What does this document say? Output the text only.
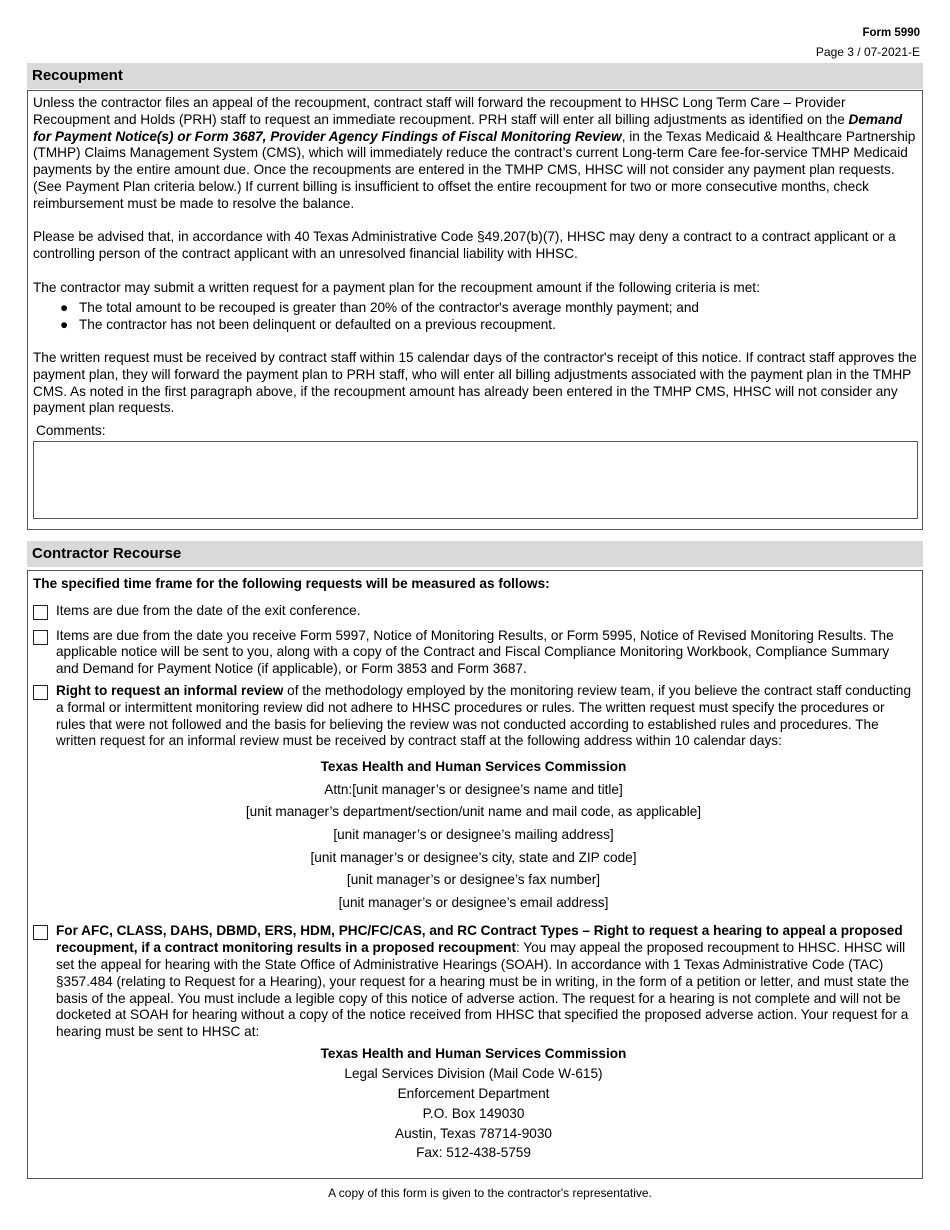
Form 5990
Page 3 / 07-2021-E
Recoupment

Unless the contractor files an appeal of the recoupment, contract staff will forward the recoupment to HHSC Long Term Care – Provider Recoupment and Holds (PRH) staff to request an immediate recoupment. PRH staff will enter all billing adjustments as identified on the Demand for Payment Notice(s) or Form 3687, Provider Agency Findings of Fiscal Monitoring Review, in the Texas Medicaid & Healthcare Partnership (TMHP) Claims Management System (CMS), which will immediately reduce the contract’s current Long-term Care fee-for-service TMHP Medicaid payments by the entire amount due. Once the recoupments are entered in the TMHP CMS, HHSC will not consider any payment plan requests. (See Payment Plan criteria below.) If current billing is insufficient to offset the entire recoupment for two or more consecutive months, check reimbursement must be made to resolve the balance.

Please be advised that, in accordance with 40 Texas Administrative Code §49.207(b)(7), HHSC may deny a contract to a contract applicant or a controlling person of the contract applicant with an unresolved financial liability with HHSC.

The contractor may submit a written request for a payment plan for the recoupment amount if the following criteria is met:

● The total amount to be recouped is greater than 20% of the contractor's average monthly payment; and
● The contractor has not been delinquent or defaulted on a previous recoupment.

The written request must be received by contract staff within 15 calendar days of the contractor's receipt of this notice. If contract staff approves the payment plan, they will forward the payment plan to PRH staff, who will enter all billing adjustments associated with the payment plan in the TMHP CMS. As noted in the first paragraph above, if the recoupment amount has already been entered in the TMHP CMS, HHSC will not consider any payment plan requests.

Comments:
Contractor Recourse

The specified time frame for the following requests will be measured as follows:

Items are due from the date of the exit conference.

Items are due from the date you receive Form 5997, Notice of Monitoring Results, or Form 5995, Notice of Revised Monitoring Results. The applicable notice will be sent to you, along with a copy of the Contract and Fiscal Compliance Monitoring Workbook, Compliance Summary and Demand for Payment Notice (if applicable), or Form 3853 and Form 3687.

Right to request an informal review of the methodology employed by the monitoring review team, if you believe the contract staff conducting a formal or intermittent monitoring review did not adhere to HHSC procedures or rules. The written request must specify the procedures or rules that were not followed and the basis for believing the review was not conducted according to established rules and procedures. The written request for an informal review must be received by contract staff at the following address within 10 calendar days:

Texas Health and Human Services Commission
Attn:[unit manager’s or designee’s name and title]
[unit manager’s department/section/unit name and mail code, as applicable]
[unit manager’s or designee’s mailing address]
[unit manager’s or designee’s city, state and ZIP code]
[unit manager’s or designee’s fax number]
[unit manager’s or designee’s email address]

For AFC, CLASS, DAHS, DBMD, ERS, HDM, PHC/FC/CAS, and RC Contract Types – Right to request a hearing to appeal a proposed recoupment, if a contract monitoring results in a proposed recoupment: You may appeal the proposed recoupment to HHSC. HHSC will set the appeal for hearing with the State Office of Administrative Hearings (SOAH). In accordance with 1 Texas Administrative Code (TAC) §357.484 (relating to Request for a Hearing), your request for a hearing must be in writing, in the form of a petition or letter, and must state the basis of the appeal. You must include a legible copy of this notice of adverse action. The request for a hearing is not complete and will not be docketed at SOAH for hearing without a copy of the notice received from HHSC that specified the proposed adverse action. Your request for a hearing must be sent to HHSC at:

Texas Health and Human Services Commission
Legal Services Division (Mail Code W-615)
Enforcement Department
P.O. Box 149030
Austin, Texas 78714-9030
Fax: 512-438-5759
A copy of this form is given to the contractor's representative.
